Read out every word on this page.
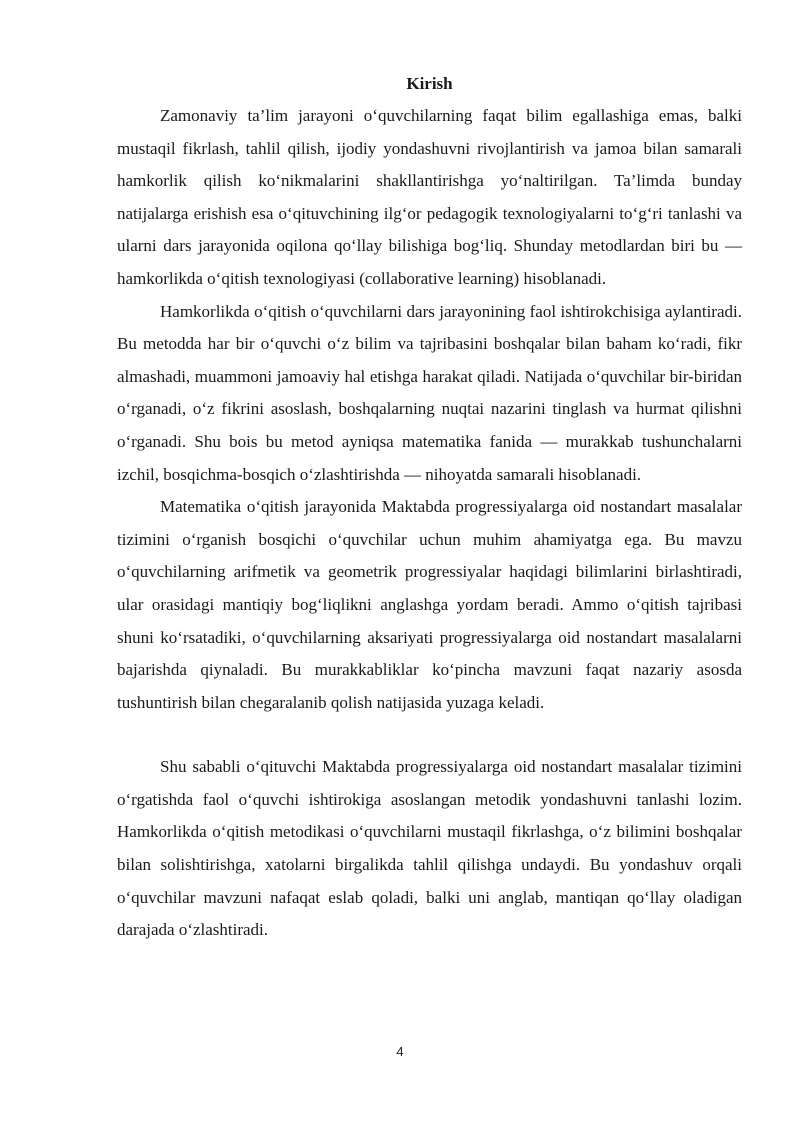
Kirish

Zamonaviy ta’lim jarayoni o‘quvchilarning faqat bilim egallashiga emas, balki mustaqil fikrlash, tahlil qilish, ijodiy yondashuvni rivojlantirish va jamoa bilan samarali hamkorlik qilish ko‘nikmalarini shakllantirishga yo‘naltirilgan. Ta’limda bunday natijalarga erishish esa o‘qituvchining ilg‘or pedagogik texnologiyalarni to‘g‘ri tanlashi va ularni dars jarayonida oqilona qo‘llay bilishiga bog‘liq. Shunday metodlardan biri bu — hamkorlikda o‘qitish texnologiyasi (collaborative learning) hisoblanadi.

Hamkorlikda o‘qitish o‘quvchilarni dars jarayonining faol ishtirokchisiga aylantiradi. Bu metodda har bir o‘quvchi o‘z bilim va tajribasini boshqalar bilan baham ko‘radi, fikr almashadi, muammoni jamoaviy hal etishga harakat qiladi. Natijada o‘quvchilar bir-biridan o‘rganadi, o‘z fikrini asoslash, boshqalarning nuqtai nazarini tinglash va hurmat qilishni o‘rganadi. Shu bois bu metod ayniqsa matematika fanida — murakkab tushunchalarni izchil, bosqichma-bosqich o‘zlashtirishda — nihoyatda samarali hisoblanadi.

Matematika o‘qitish jarayonida Maktabda progressiyalarga oid nostandart masalalar tizimini o‘rganish bosqichi o‘quvchilar uchun muhim ahamiyatga ega. Bu mavzu o‘quvchilarning arifmetik va geometrik progressiyalar haqidagi bilimlarini birlashtiradi, ular orasidagi mantiqiy bog‘liqlikni anglashga yordam beradi. Ammo o‘qitish tajribasi shuni ko‘rsatadiki, o‘quvchilarning aksariyati progressiyalarga oid nostandart masalalarni bajarishda qiynaladi. Bu murakkabliklar ko‘pincha mavzuni faqat nazariy asosda tushuntirish bilan chegaralanib qolish natijasida yuzaga keladi.

Shu sababli o‘qituvchi Maktabda progressiyalarga oid nostandart masalalar tizimini o‘rgatishda faol o‘quvchi ishtirokiga asoslangan metodik yondashuvni tanlashi lozim. Hamkorlikda o‘qitish metodikasi o‘quvchilarni mustaqil fikrlashga, o‘z bilimini boshqalar bilan solishtirishga, xatolarni birgalikda tahlil qilishga undaydi. Bu yondashuv orqali o‘quvchilar mavzuni nafaqat eslab qoladi, balki uni anglab, mantiqan qo‘llay oladigan darajada o‘zlashtiradi.

4
